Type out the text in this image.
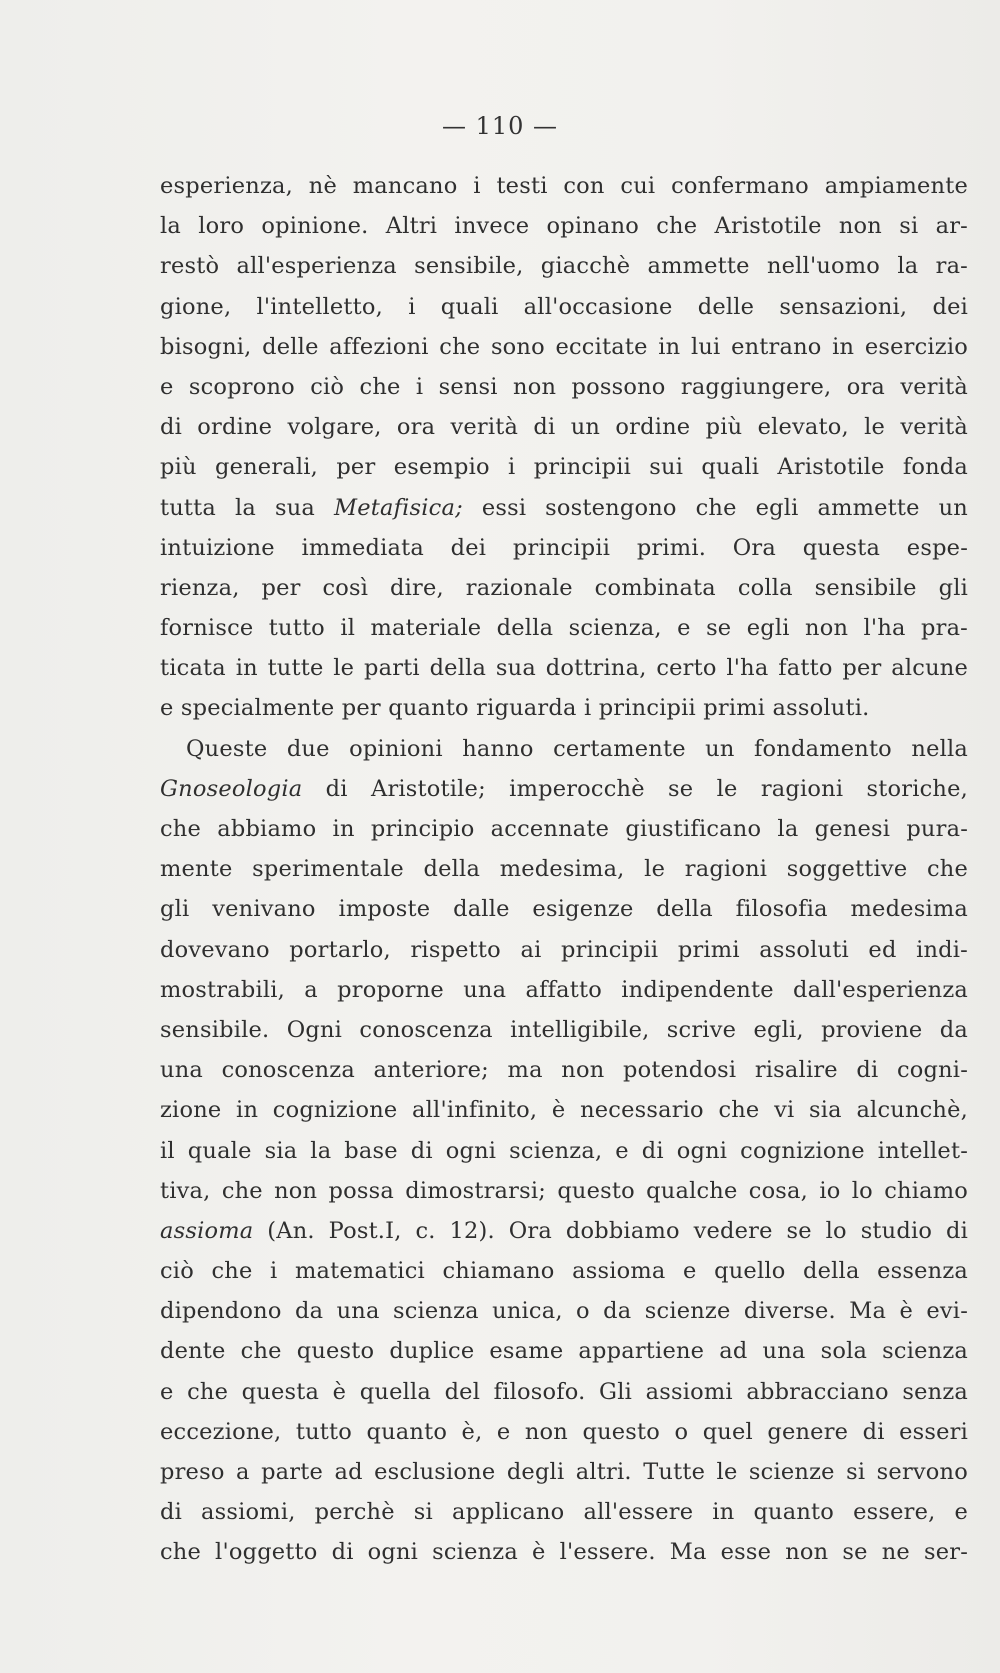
— 110 —
esperienza, nè mancano i testi con cui confermano ampiamente
la loro opinione. Altri invece opinano che Aristotile non si ar-
restò all'esperienza sensibile, giacchè ammette nell'uomo la ra-
gione, l'intelletto, i quali all'occasione delle sensazioni, dei
bisogni, delle affezioni che sono eccitate in lui entrano in esercizio
e scoprono ciò che i sensi non possono raggiungere, ora verità
di ordine volgare, ora verità di un ordine più elevato, le verità
più generali, per esempio i principii sui quali Aristotile fonda
tutta la sua Metafisica; essi sostengono che egli ammette un
intuizione immediata dei principii primi. Ora questa espe-
rienza, per così dire, razionale combinata colla sensibile gli
fornisce tutto il materiale della scienza, e se egli non l'ha pra-
ticata in tutte le parti della sua dottrina, certo l'ha fatto per alcune
e specialmente per quanto riguarda i principii primi assoluti.
Queste due opinioni hanno certamente un fondamento nella
Gnoseologia di Aristotile; imperocchè se le ragioni storiche,
che abbiamo in principio accennate giustificano la genesi pura-
mente sperimentale della medesima, le ragioni soggettive che
gli venivano imposte dalle esigenze della filosofia medesima
dovevano portarlo, rispetto ai principii primi assoluti ed indi-
mostrabili, a proporne una affatto indipendente dall'esperienza
sensibile. Ogni conoscenza intelligibile, scrive egli, proviene da
una conoscenza anteriore; ma non potendosi risalire di cogni-
zione in cognizione all'infinito, è necessario che vi sia alcunchè,
il quale sia la base di ogni scienza, e di ogni cognizione intellet-
tiva, che non possa dimostrarsi; questo qualche cosa, io lo chiamo
assioma (An. Post.I, c. 12). Ora dobbiamo vedere se lo studio di
ciò che i matematici chiamano assioma e quello della essenza
dipendono da una scienza unica, o da scienze diverse. Ma è evi-
dente che questo duplice esame appartiene ad una sola scienza
e che questa è quella del filosofo. Gli assiomi abbracciano senza
eccezione, tutto quanto è, e non questo o quel genere di esseri
preso a parte ad esclusione degli altri. Tutte le scienze si servono
di assiomi, perchè si applicano all'essere in quanto essere, e
che l'oggetto di ogni scienza è l'essere. Ma esse non se ne ser-
